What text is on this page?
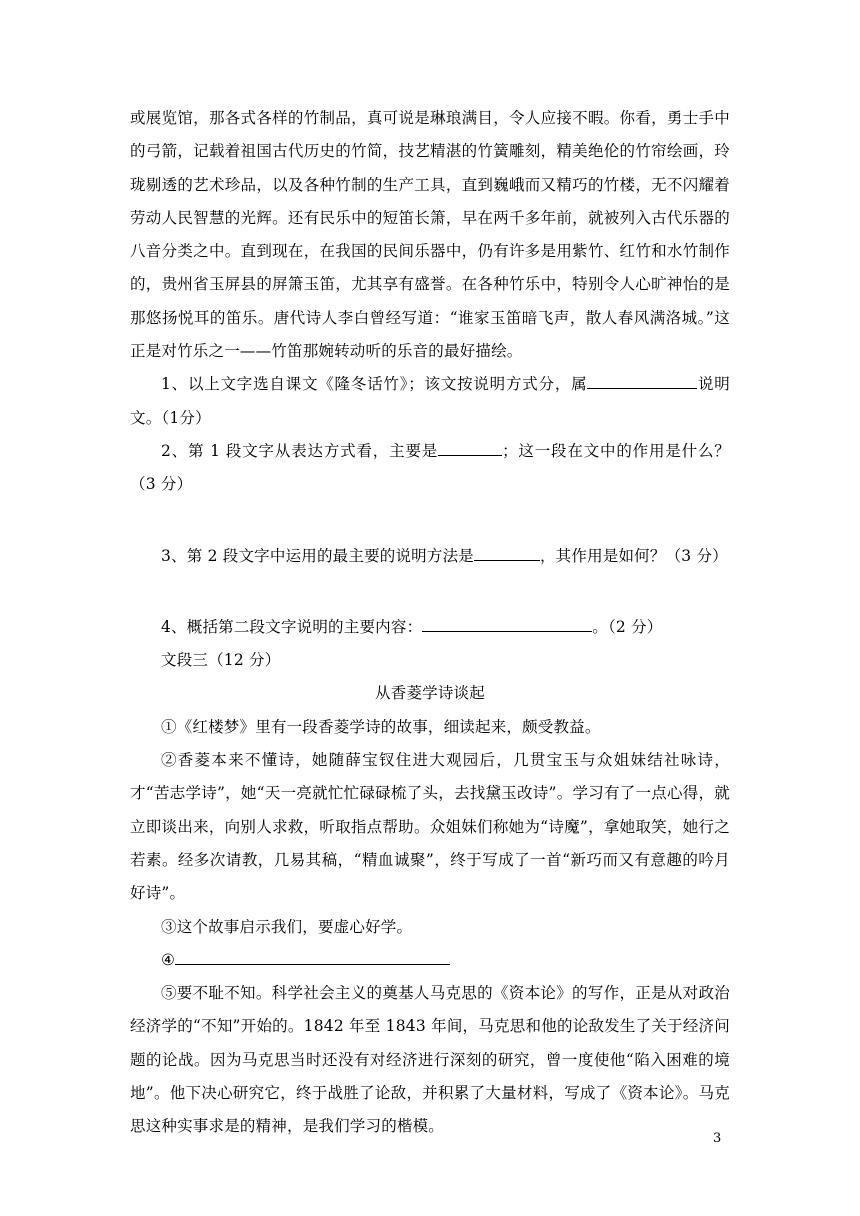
或展览馆，那各式各样的竹制品，真可说是琳琅满目，令人应接不暇。你看，勇士手中的弓箭，记载着祖国古代历史的竹简，技艺精湛的竹簧雕刻，精美绝伦的竹帘绘画，玲珑剔透的艺术珍品，以及各种竹制的生产工具，直到巍峨而又精巧的竹楼，无不闪耀着劳动人民智慧的光辉。还有民乐中的短笛长箫，早在两千多年前，就被列入古代乐器的八音分类之中。直到现在，在我国的民间乐器中，仍有许多是用紫竹、红竹和水竹制作的，贵州省玉屏县的屏箫玉笛，尤其享有盛誉。在各种竹乐中，特别令人心旷神怡的是那悠扬悦耳的笛乐。唐代诗人李白曾经写道：“谁家玉笛暗飞声，散人春风满洛城。”这正是对竹乐之一——竹笛那婉转动听的乐音的最好描绘。

1、以上文字选自课文《隆冬话竹》；该文按说明方式分，属	说明文。（1分）

2、第 1 段文字从表达方式看，主要是	；这一段在文中的作用是什么？（3 分）

3、第 2 段文字中运用的最主要的说明方法是	，其作用是如何？（3 分）

4、概括第二段文字说明的主要内容：	。（2 分）

文段三（12 分）

从香菱学诗谈起

①《红楼梦》里有一段香菱学诗的故事，细读起来，颇受教益。

②香菱本来不懂诗，她随薛宝钗住进大观园后，几贯宝玉与众姐妹结社咏诗，才“苦志学诗”，她“天一亮就忙忙碌碌梳了头，去找黛玉改诗”。学习有了一点心得，就立即谈出来，向别人求救，听取指点帮助。众姐妹们称她为“诗魔”，拿她取笑，她行之若素。经多次请教，几易其稿，“精血诚聚”，终于写成了一首“新巧而又有意趣的吟月好诗”。

③这个故事启示我们，要虚心好学。

④

⑤要不耻不知。科学社会主义的奠基人马克思的《资本论》的写作，正是从对政治经济学的“不知”开始的。1842 年至 1843 年间，马克思和他的论敌发生了关于经济问题的论战。因为马克思当时还没有对经济进行深刻的研究，曾一度使他“陷入困难的境地”。他下决心研究它，终于战胜了论敌，并积累了大量材料，写成了《资本论》。马克思这种实事求是的精神，是我们学习的楷模。

3
